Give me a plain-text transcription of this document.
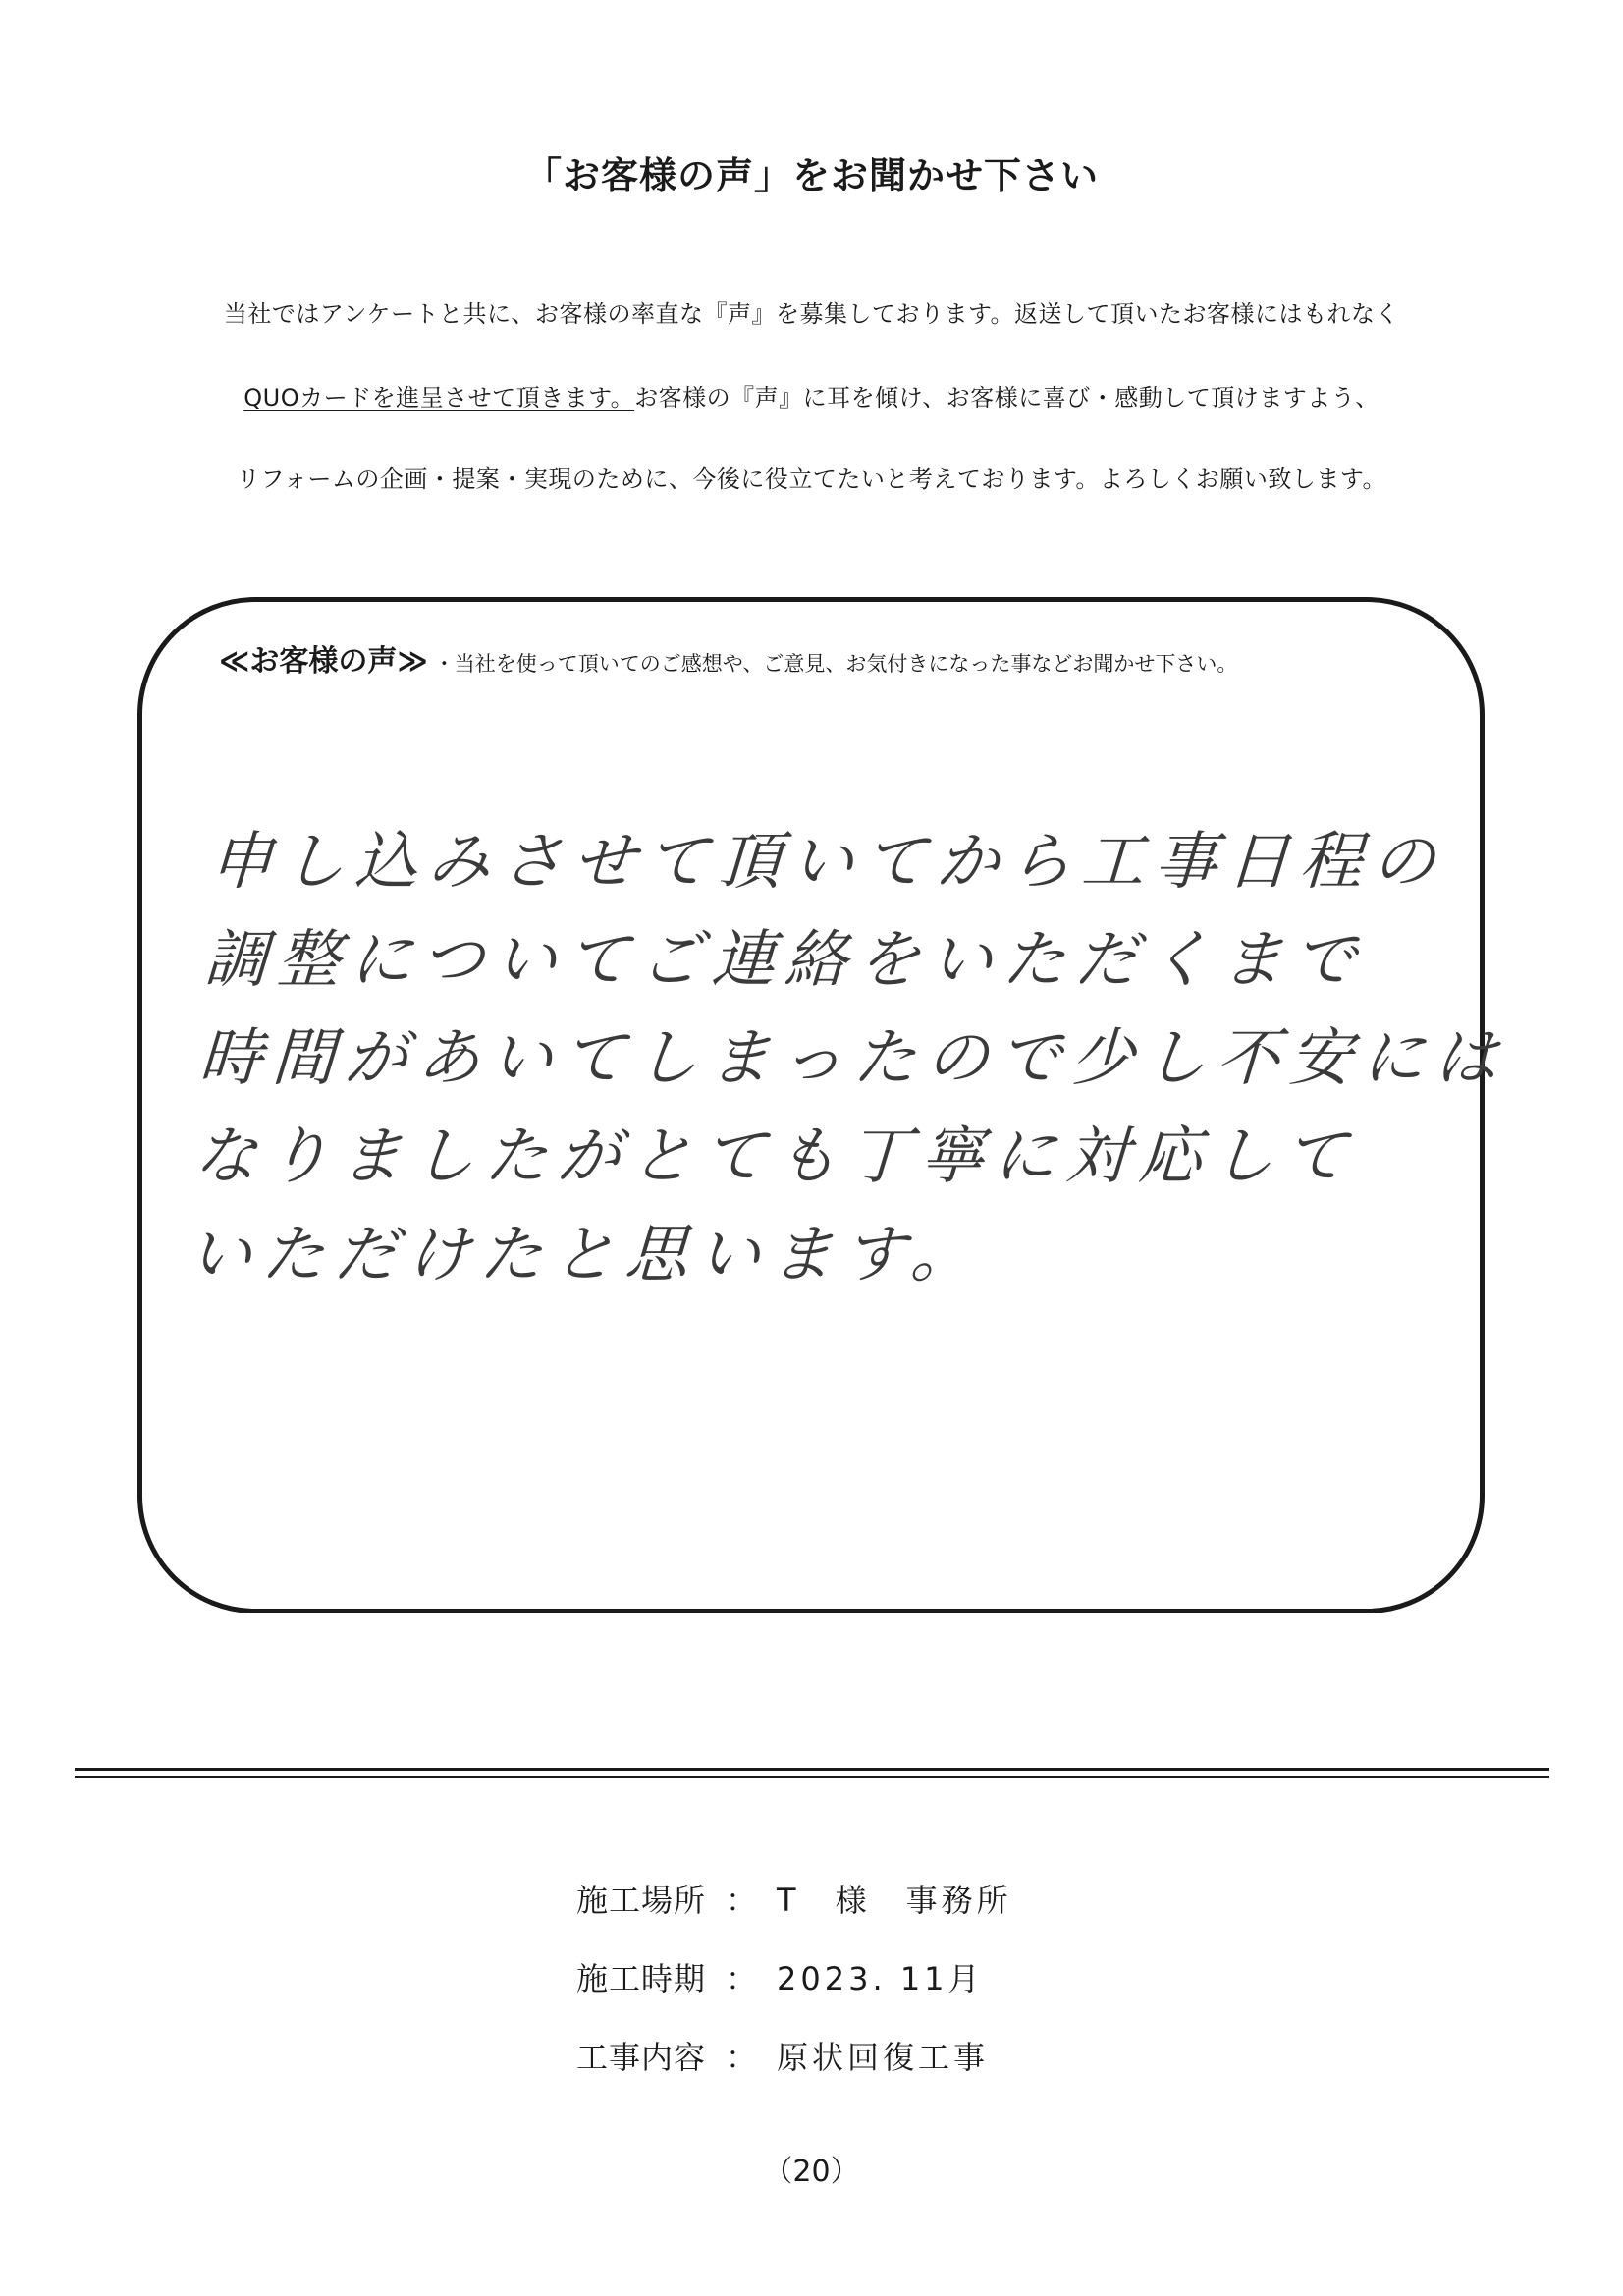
「お客様の声」をお聞かせ下さい
当社ではアンケートと共に、お客様の率直な『声』を募集しております。返送して頂いたお客様にはもれなく
QUOカードを進呈させて頂きます。お客様の『声』に耳を傾け、お客様に喜び・感動して頂けますよう、
リフォームの企画・提案・実現のために、今後に役立てたいと考えております。よろしくお願い致します。
≪お客様の声≫ ・当社を使って頂いてのご感想や、ご意見、お気付きになった事などお聞かせ下さい。
申し込みさせて頂いてから工事日程の
調整についてご連絡をいただくまで
時間があいてしまったので少し不安には
なりましたがとても丁寧に対応して
いただけたと思います。
施工場所 ： T　様　事務所
施工時期 ： 2023. 11月
工事内容 ： 原状回復工事
（20）
